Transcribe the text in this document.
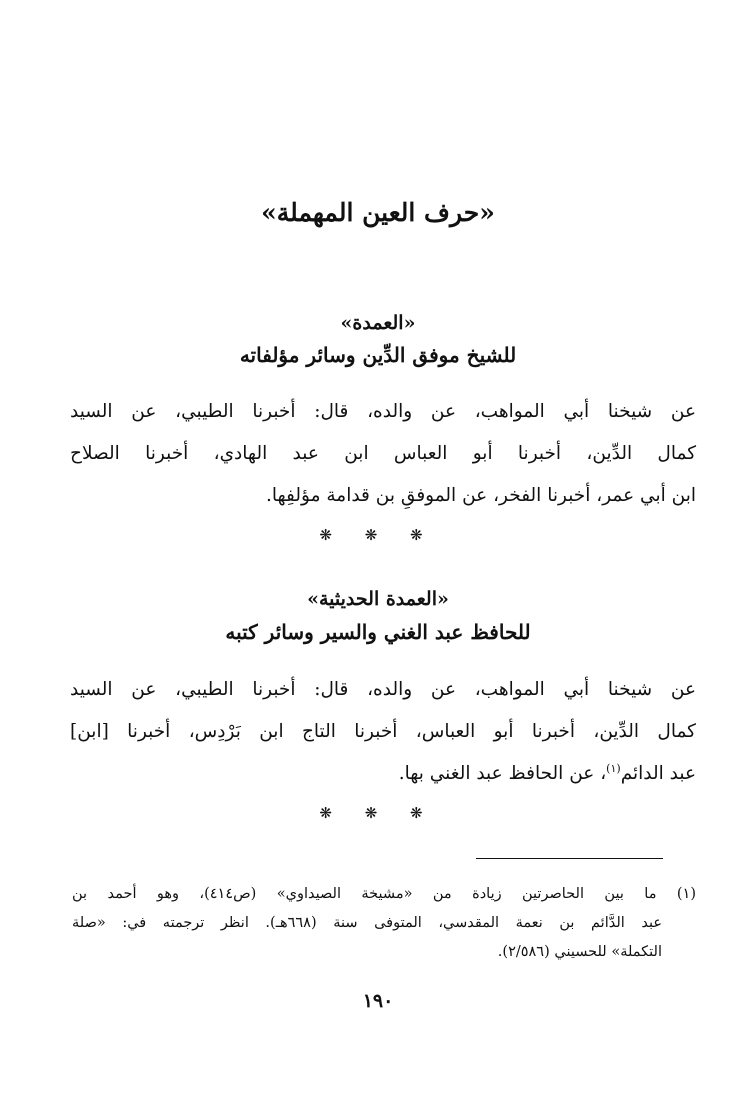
«حرف العين المهملة»
«العمدة»
للشيخ موفق الدِّين وسائر مؤلفاته
عن شيخنا أبي المواهب، عن والده، قال: أخبرنا الطيبي، عن السيد
كمال الدِّين، أخبرنا أبو العباس ابن عبد الهادي، أخبرنا الصلاح
ابن أبي عمر، أخبرنا الفخر، عن الموفقِ بن قدامة مؤلفِها.
❋ ❋ ❋
«العمدة الحديثية»
للحافظ عبد الغني والسير وسائر كتبه
عن شيخنا أبي المواهب، عن والده، قال: أخبرنا الطيبي، عن السيد
كمال الدِّين، أخبرنا أبو العباس، أخبرنا التاج ابن بَرْدِس، أخبرنا [ابن]
عبد الدائم$^{(١)}$، عن الحافظ عبد الغني بها.
❋ ❋ ❋
(١) ما بين الحاصرتين زيادة من «مشيخة الصيداوي» (ص٤١٤)، وهو أحمد بن
عبد الدَّائم بن نعمة المقدسي، المتوفى سنة (٦٦٨هـ). انظر ترجمته في: «صلة
التكملة» للحسيني (٢/٥٨٦).
١٩٠
